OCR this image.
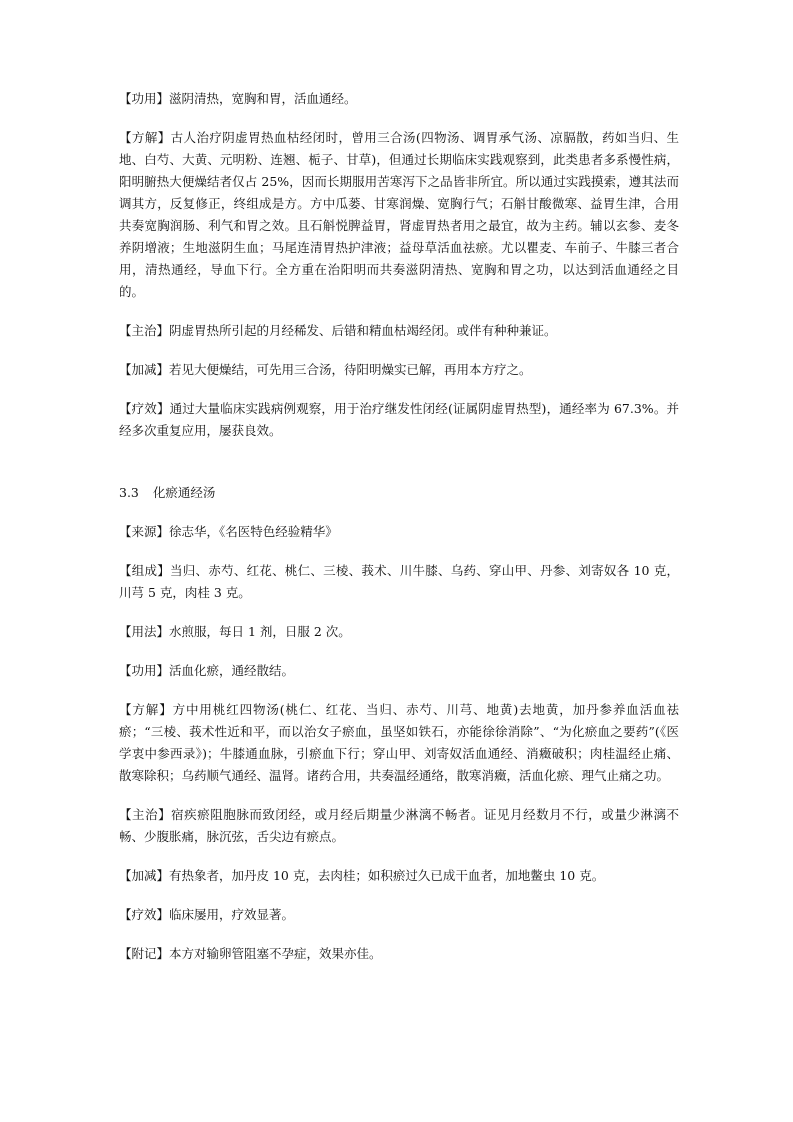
【功用】滋阴清热，宽胸和胃，活血通经。

【方解】古人治疗阴虚胃热血枯经闭时，曾用三合汤(四物汤、调胃承气汤、凉膈散，药如当归、生地、白芍、大黄、元明粉、连翘、栀子、甘草)，但通过长期临床实践观察到，此类患者多系慢性病，阳明腑热大便燥结者仅占 25%，因而长期服用苦寒泻下之品皆非所宜。所以通过实践摸索，遵其法而调其方，反复修正，终组成是方。方中瓜蒌、甘寒润燥、宽胸行气；石斛甘酸微寒、益胃生津，合用共奏宽胸润肠、利气和胃之效。且石斛悦脾益胃，肾虚胃热者用之最宜，故为主药。辅以玄参、麦冬养阴增液；生地滋阴生血；马尾连清胃热护津液；益母草活血祛瘀。尤以瞿麦、车前子、牛膝三者合用，清热通经，导血下行。全方重在治阳明而共奏滋阴清热、宽胸和胃之功，以达到活血通经之目的。

【主治】阴虚胃热所引起的月经稀发、后错和精血枯竭经闭。或伴有种种兼证。

【加减】若见大便燥结，可先用三合汤，待阳明燥实已解，再用本方疗之。

【疗效】通过大量临床实践病例观察，用于治疗继发性闭经(证属阴虚胃热型)，通经率为 67.3%。并经多次重复应用，屡获良效。

3.3 化瘀通经汤

【来源】徐志华，《名医特色经验精华》

【组成】当归、赤芍、红花、桃仁、三棱、莪术、川牛膝、乌药、穿山甲、丹参、刘寄奴各 10 克，川芎 5 克，肉桂 3 克。

【用法】水煎服，每日 1 剂，日服 2 次。

【功用】活血化瘀，通经散结。

【方解】方中用桃红四物汤(桃仁、红花、当归、赤芍、川芎、地黄)去地黄，加丹参养血活血祛瘀；“三棱、莪术性近和平，而以治女子瘀血，虽坚如铁石，亦能徐徐消除”、“为化瘀血之要药”(《医学衷中参西录》)；牛膝通血脉，引瘀血下行；穿山甲、刘寄奴活血通经、消癥破积；肉桂温经止痛、散寒除积；乌药顺气通经、温肾。诸药合用，共奏温经通络，散寒消癥，活血化瘀、理气止痛之功。

【主治】宿疾瘀阻胞脉而致闭经，或月经后期量少淋漓不畅者。证见月经数月不行，或量少淋漓不畅、少腹胀痛，脉沉弦，舌尖边有瘀点。

【加减】有热象者，加丹皮 10 克，去肉桂；如积瘀过久已成干血者，加地鳖虫 10 克。

【疗效】临床屡用，疗效显著。

【附记】本方对输卵管阻塞不孕症，效果亦佳。
